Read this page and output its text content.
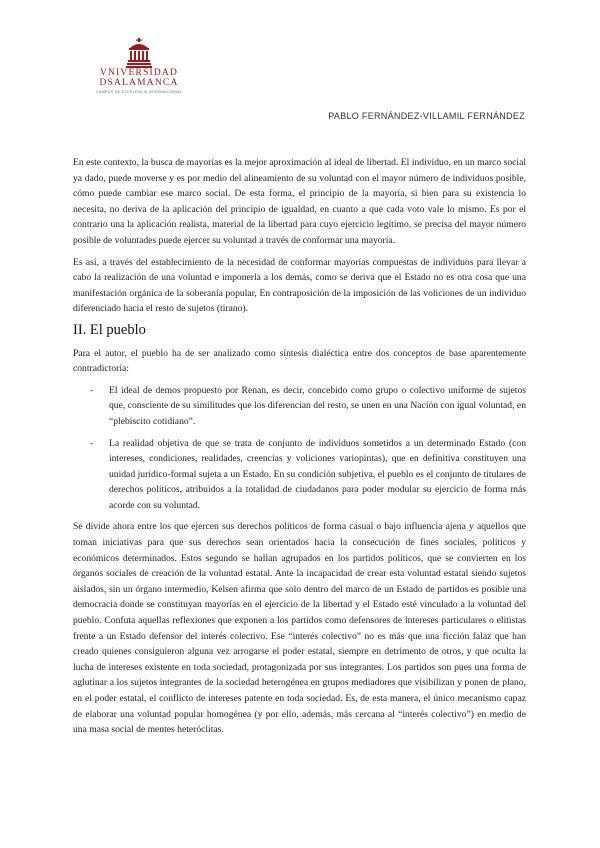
VNIVERSIDAD
DSALAMANCA
CAMPUS DE EXCELENCIA INTERNACIONAL
PABLO FERNÁNDEZ-VILLAMIL FERNÁNDEZ

En este contexto, la busca de mayorías es la mejor aproximación al ideal de libertad. El individuo, en un marco social ya dado, puede moverse y es por medio del alineamiento de su voluntad con el mayor número de individuos posible, cómo puede cambiar ese marco social. De esta forma, el principio de la mayoría, si bien para su existencia lo necesita, no deriva de la aplicación del principio de igualdad, en cuanto a que cada voto vale lo mismo. Es por el contrario una la aplicación realista, material de la libertad para cuyo ejercicio legítimo, se precisa del mayor número posible de voluntades puede ejercer su voluntad a través de conformar una mayoría.

Es así, a través del establecimiento de la necesidad de conformar mayorías compuestas de individuos para llevar a cabo la realización de una voluntad e imponerla a los demás, como se deriva que el Estado no es otra cosa que una manifestación orgánica de la soberanía popular, En contraposición de la imposición de las voliciones de un individuo diferenciado hacia el resto de sujetos (tirano).

II. El pueblo

Para el autor, el pueblo ha de ser analizado como síntesis dialéctica entre dos conceptos de base aparentemente contradictoria:

- El ideal de demos propuesto por Renan, es decir, concebido como grupo o colectivo uniforme de sujetos que, consciente de su similitudes que los diferencian del resto, se unen en una Nación con igual voluntad, en “plebiscito cotidiano”.
- La realidad objetiva de que se trata de conjunto de individuos sometidos a un determinado Estado (con intereses, condiciones, realidades, creencias y voliciones variopintas), que en definitiva constituyen una unidad jurídico-formal sujeta a un Estado. En su condición subjetiva, el pueblo es el conjunto de titulares de derechos políticos, atribuidos a la totalidad de ciudadanos para poder modular su ejercicio de forma más acorde con su voluntad.

Se divide ahora entre los que ejercen sus derechos políticos de forma casual o bajo influencia ajena y aquellos que toman iniciativas para que sus derechos sean orientados hacia la consecución de fines sociales, políticos y económicos determinados. Estos segundo se hallan agrupados en los partidos políticos, que se convierten en los órganos sociales de creación de la voluntad estatal. Ante la incapacidad de crear esta voluntad estatal siendo sujetos aislados, sin un órgano intermedio, Kelsen afirma que solo dentro del marco de un Estado de partidos es posible una democracia donde se constituyan mayorías en el ejercicio de la libertad y el Estado esté vinculado a la voluntad del pueblo. Confuta aquellas reflexiones que exponen a los partidos como defensores de intereses particulares o elitistas frente a un Estado defensor del interés colectivo. Ese “interés colectivo” no es más que una ficción falaz que han creado quienes consiguieron alguna vez arrogarse el poder estatal, siempre en detrimento de otros, y que oculta la lucha de intereses existente en toda sociedad, protagonizada por sus integrantes. Los partidos son pues una forma de aglutinar a los sujetos integrantes de la sociedad heterogénea en grupos mediadores que visibilizan y ponen de plano, en el poder estatal, el conflicto de intereses patente en toda sociedad. Es, de esta manera, el único mecanismo capaz de elaborar una voluntad popular homogénea (y por ello, además, más cercana al “interés colectivo”) en medio de una masa social de mentes heteróclitas.
